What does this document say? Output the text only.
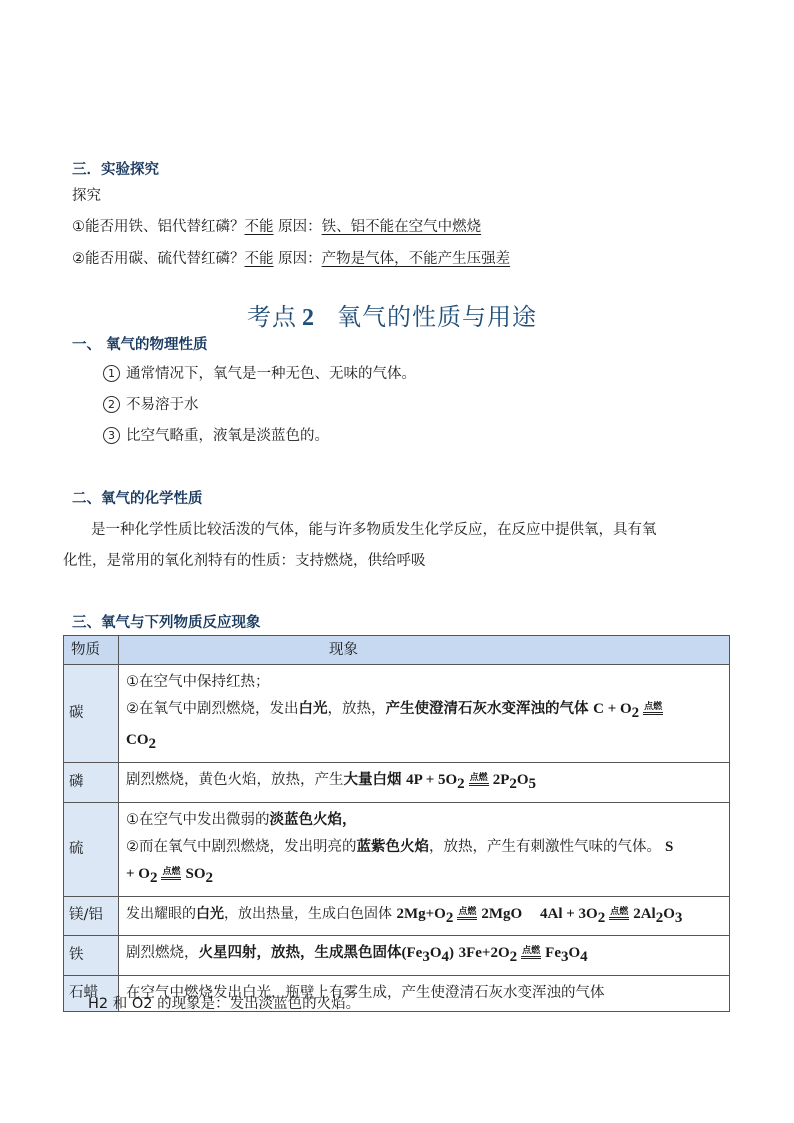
三．实验探究
探究
①能否用铁、铝代替红磷？不能 原因：铁、铝不能在空气中燃烧
②能否用碳、硫代替红磷？不能 原因：产物是气体，不能产生压强差
考点 2 氧气的性质与用途
一、 氧气的物理性质
1 通常情况下，氧气是一种无色、无味的气体。
2 不易溶于水
3 比空气略重，液氧是淡蓝色的。
二、氧气的化学性质
是一种化学性质比较活泼的气体，能与许多物质发生化学反应，在反应中提供氧，具有氧
化性，是常用的氧化剂特有的性质：支持燃烧，供给呼吸
三、氧气与下列物质反应现象
物质	现象
碳	①在空气中保持红热；
②在氧气中剧烈燃烧，发出白光，放热，产生使澄清石灰水变浑浊的气体 $C + O_2$ 点燃
$CO_2$

磷	剧烈燃烧，黄色火焰，放热，产生大量白烟 $4P + 5O_2$ 点燃 $2P_2O_5$
硫	①在空气中发出微弱的淡蓝色火焰，
②而在氧气中剧烈燃烧，发出明亮的蓝紫色火焰，放热，产生有刺激性气味的气体。 S
+ $O_2$ 点燃 $SO_2$

镁/铝	发出耀眼的白光，放出热量，生成白色固体 $2Mg+O_2$ 点燃 2MgO $4Al + 3O_2$ 点燃 $2Al_2O_3$
铁	剧烈燃烧，火星四射，放热，生成黑色固体$(Fe_3O_4)$ $3Fe+2O_2$ 点燃 $Fe_3O_4$
石蜡	在空气中燃烧发出白光，瓶壁上有雾生成，产生使澄清石灰水变浑浊的气体
H2 和 O2 的现象是：发出淡蓝色的火焰。
